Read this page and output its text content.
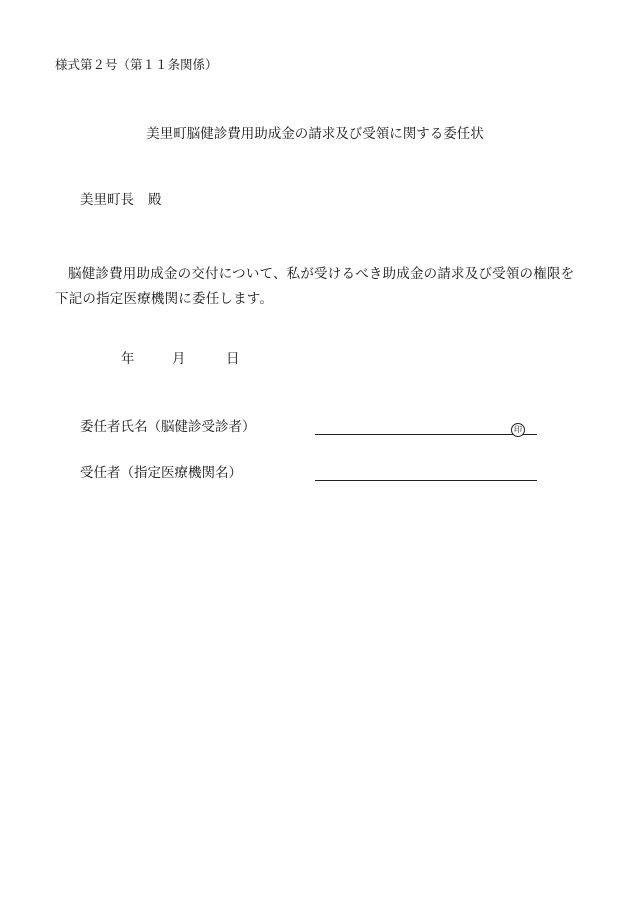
様式第２号（第１１条関係）
美里町脳健診費用助成金の請求及び受領に関する委任状
美里町長 殿
脳健診費用助成金の交付について、私が受けるべき助成金の請求及び受領の権限を下記の指定医療機関に委任します。
年	月	日
委任者氏名（脳健診受診者）	印
受任者（指定医療機関名）
